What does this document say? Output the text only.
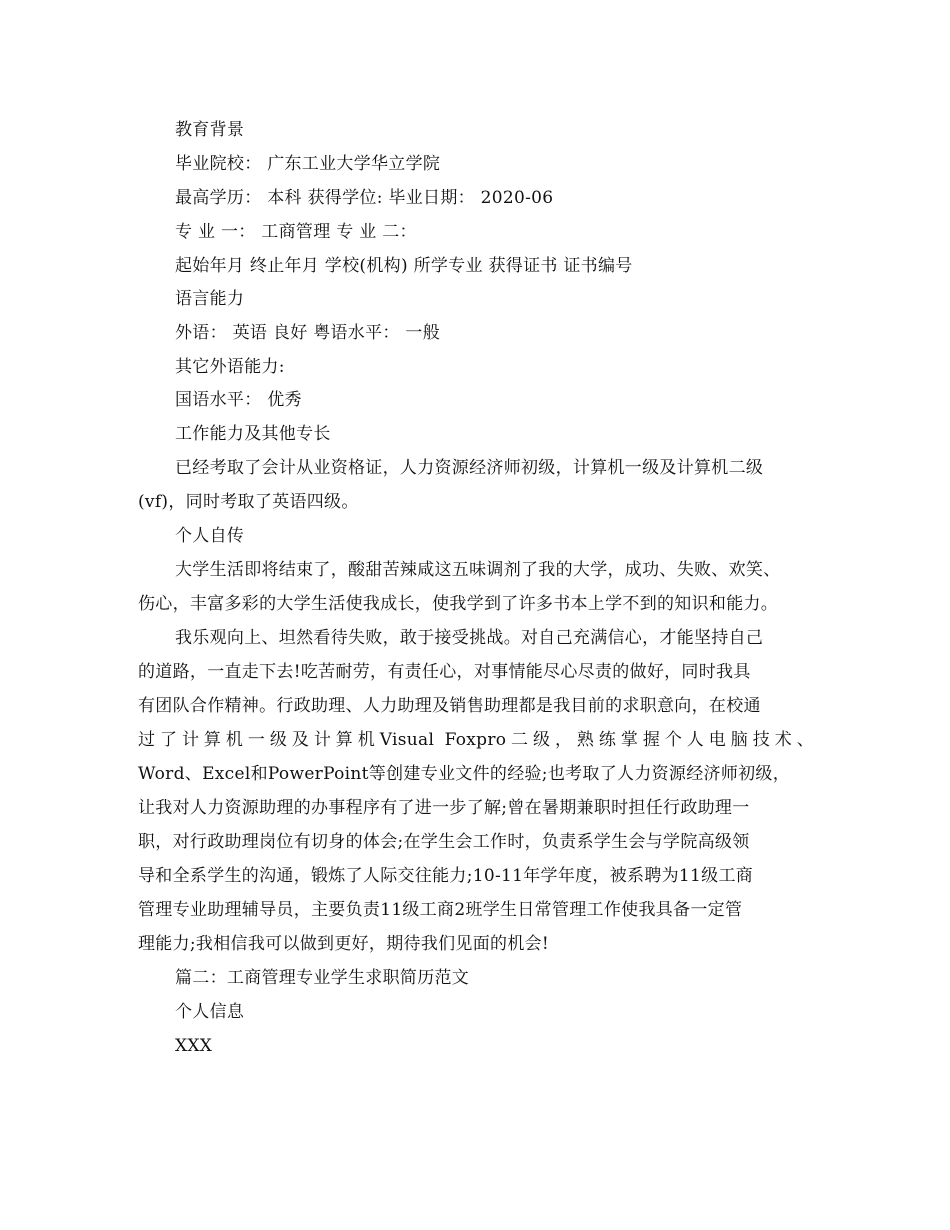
教育背景
毕业院校： 广东工业大学华立学院
最高学历： 本科 获得学位: 毕业日期： 2020-06
专 业 一： 工商管理 专 业 二：
起始年月 终止年月 学校(机构) 所学专业 获得证书 证书编号
语言能力
外语： 英语 良好 粤语水平： 一般
其它外语能力:
国语水平： 优秀
工作能力及其他专长
已经考取了会计从业资格证，人力资源经济师初级，计算机一级及计算机二级
(vf)，同时考取了英语四级。
个人自传
大学生活即将结束了，酸甜苦辣咸这五味调剂了我的大学，成功、失败、欢笑、
伤心，丰富多彩的大学生活使我成长，使我学到了许多书本上学不到的知识和能力。
我乐观向上、坦然看待失败，敢于接受挑战。对自己充满信心，才能坚持自己
的道路，一直走下去!吃苦耐劳，有责任心，对事情能尽心尽责的做好，同时我具
有团队合作精神。行政助理、人力助理及销售助理都是我目前的求职意向，在校通
过了计算机一级及计算机Visual Foxpro二级，熟练掌握个人电脑技术、
Word、Excel和PowerPoint等创建专业文件的经验;也考取了人力资源经济师初级，
让我对人力资源助理的办事程序有了进一步了解;曾在暑期兼职时担任行政助理一
职，对行政助理岗位有切身的体会;在学生会工作时，负责系学生会与学院高级领
导和全系学生的沟通，锻炼了人际交往能力;10-11年学年度，被系聘为11级工商
管理专业助理辅导员，主要负责11级工商2班学生日常管理工作使我具备一定管
理能力;我相信我可以做到更好，期待我们见面的机会!
篇二：工商管理专业学生求职简历范文
个人信息
XXX
